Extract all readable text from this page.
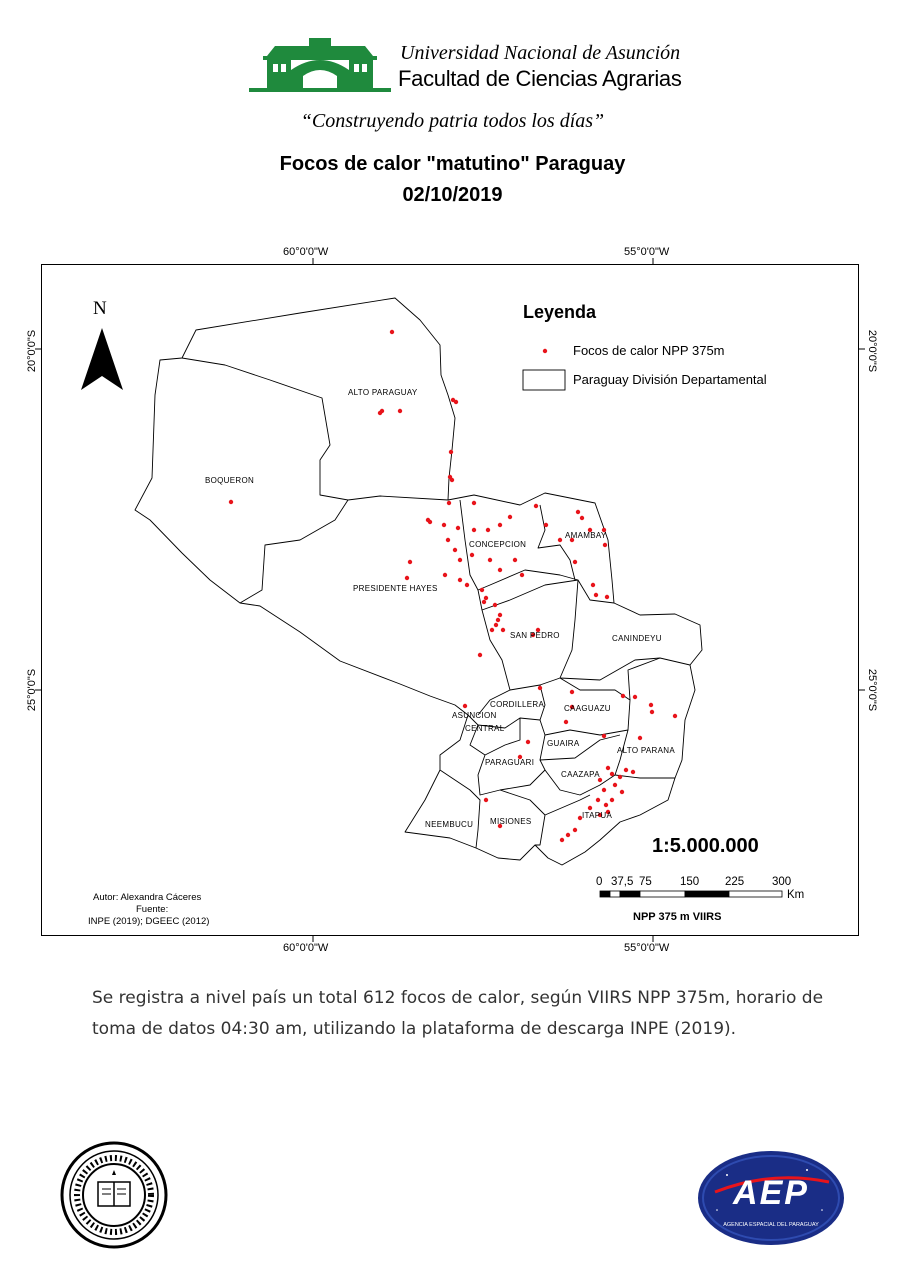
Universidad Nacional de Asunción
Facultad de Ciencias Agrarias
“Construyendo patria todos los días”
Focos de calor "matutino" Paraguay
02/10/2019
60°0'0"W	55°0'0"W
60°0'0"W	55°0'0"W
20°0'0"S
25°0'0"S
20°0'0"S
25°0'0"S
N
ALTO PARAGUAY
BOQUERON
PRESIDENTE HAYES
CONCEPCION
AMAMBAY
SAN PEDRO	CANINDEYU
CORDILLERA CAAGUAZU
ASUNCION
CENTRAL
GUAIRA
ALTO PARANA
PARAGUARI
CAAZAPA
NEEMBUCU MISIONES
ITAPUA
Leyenda
Focos de calor NPP 375m
Paraguay División Departamental
1:5.000.000
0 37,5 75 150 225 300
Km
NPP 375 m VIIRS
Autor: Alexandra Cáceres
Fuente:
INPE (2019); DGEEC (2012)
Se registra a nivel país un total 612 focos de calor, según VIIRS NPP 375m, horario de toma de datos 04:30 am, utilizando la plataforma de descarga INPE (2019).
AEP
AGENCIA ESPACIAL DEL PARAGUAY
